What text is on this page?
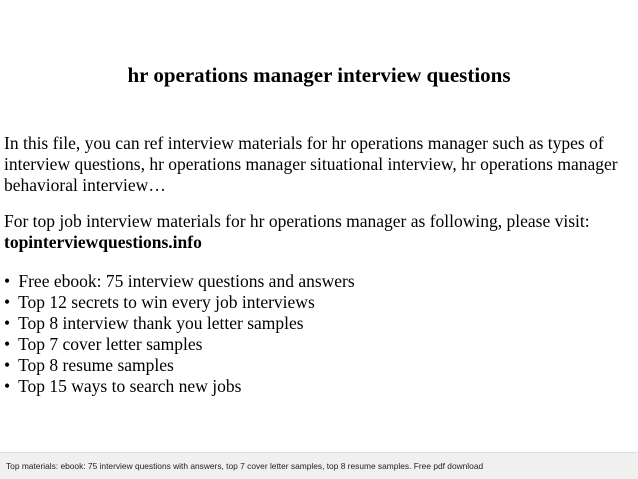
hr operations manager interview questions
In this file, you can ref interview materials for hr operations manager such as types of interview questions, hr operations manager situational interview, hr operations manager behavioral interview…
For top job interview materials for hr operations manager as following, please visit:
topinterviewquestions.info
• Free ebook: 75 interview questions and answers
• Top 12 secrets to win every job interviews
• Top 8 interview thank you letter samples
• Top 7 cover letter samples
• Top 8 resume samples
• Top 15 ways to search new jobs
Top materials: ebook: 75 interview questions with answers, top 7 cover letter samples, top 8 resume samples. Free pdf download
